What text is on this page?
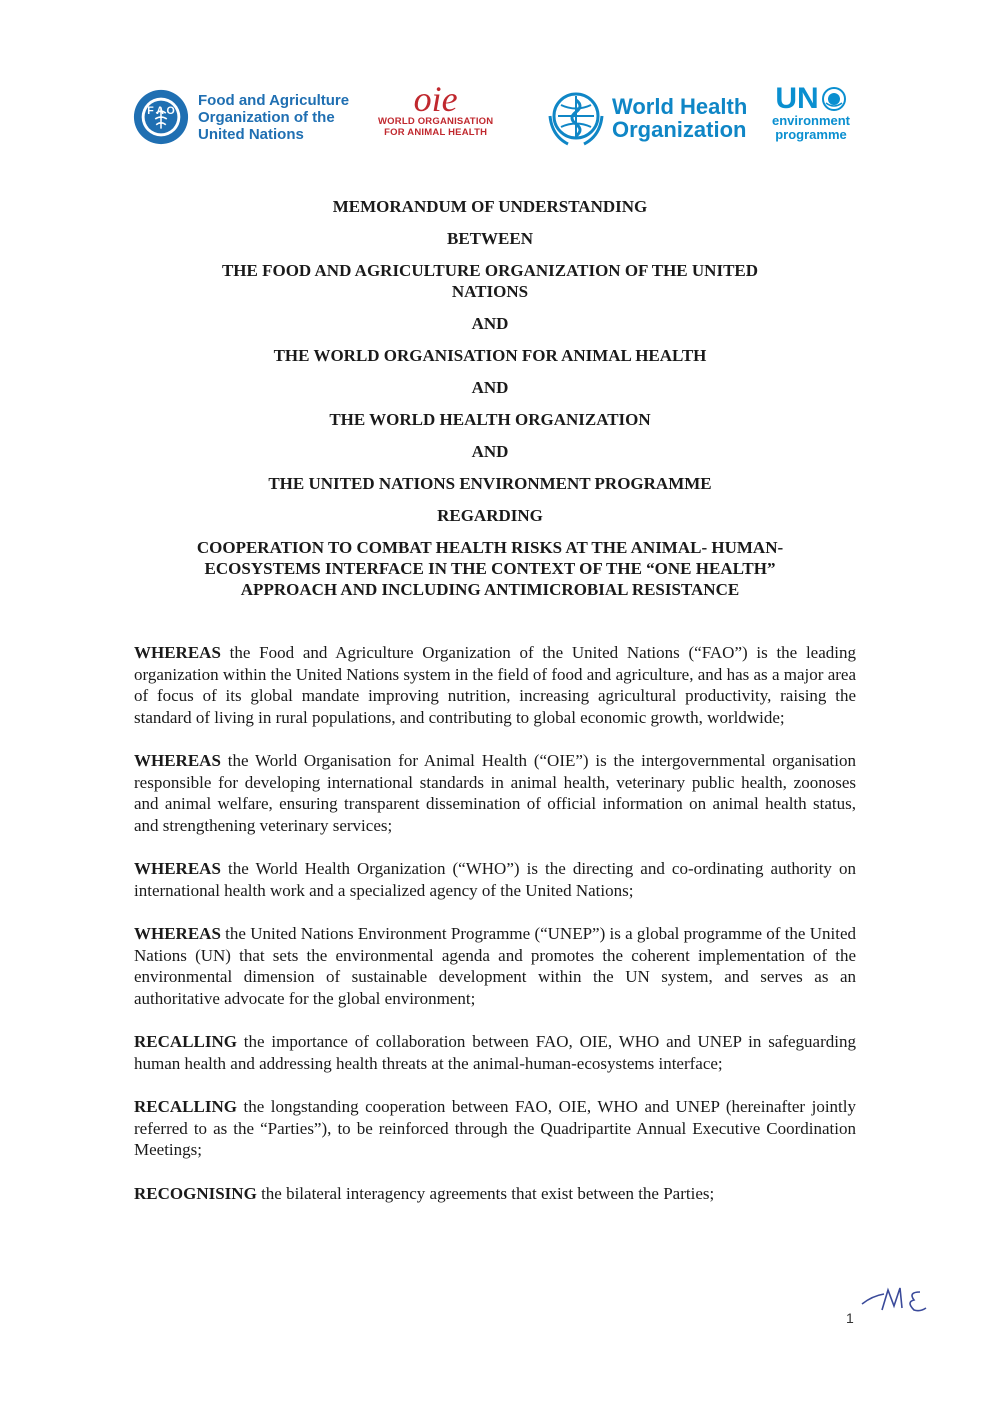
F A O
Food and Agriculture
Organization of the
United Nations
oie
WORLD ORGANISATION
FOR ANIMAL HEALTH
World Health
Organization
UN
environment
programme

MEMORANDUM OF UNDERSTANDING

BETWEEN

THE FOOD AND AGRICULTURE ORGANIZATION OF THE UNITED

NATIONS

AND

THE WORLD ORGANISATION FOR ANIMAL HEALTH

AND

THE WORLD HEALTH ORGANIZATION

AND

THE UNITED NATIONS ENVIRONMENT PROGRAMME

REGARDING

COOPERATION TO COMBAT HEALTH RISKS AT THE ANIMAL- HUMAN-

ECOSYSTEMS INTERFACE IN THE CONTEXT OF THE “ONE HEALTH”

APPROACH AND INCLUDING ANTIMICROBIAL RESISTANCE

WHEREAS the Food and Agriculture Organization of the United Nations (“FAO”) is the leading organization within the United Nations system in the field of food and agriculture, and has as a major area of focus of its global mandate improving nutrition, increasing agricultural productivity, raising the standard of living in rural populations, and contributing to global economic growth, worldwide;

WHEREAS the World Organisation for Animal Health (“OIE”) is the intergovernmental organisation responsible for developing international standards in animal health, veterinary public health, zoonoses and animal welfare, ensuring transparent dissemination of official information on animal health status, and strengthening veterinary services;

WHEREAS the World Health Organization (“WHO”) is the directing and co-ordinating authority on international health work and a specialized agency of the United Nations;

WHEREAS the United Nations Environment Programme (“UNEP”) is a global programme of the United Nations (UN) that sets the environmental agenda and promotes the coherent implementation of the environmental dimension of sustainable development within the UN system, and serves as an authoritative advocate for the global environment;

RECALLING the importance of collaboration between FAO, OIE, WHO and UNEP in safeguarding human health and addressing health threats at the animal-human-ecosystems interface;

RECALLING the longstanding cooperation between FAO, OIE, WHO and UNEP (hereinafter jointly referred to as the “Parties”), to be reinforced through the Quadripartite Annual Executive Coordination Meetings;

RECOGNISING the bilateral interagency agreements that exist between the Parties;

1
